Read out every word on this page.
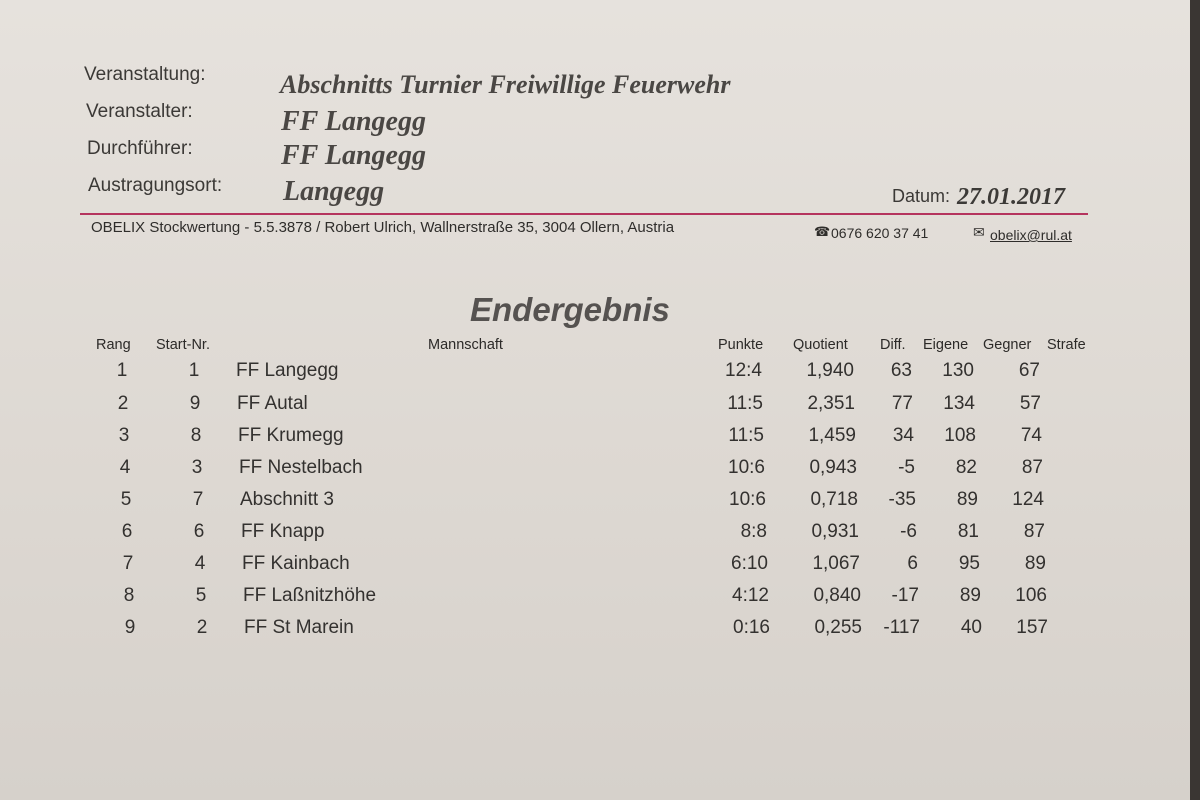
Veranstaltung:	Abschnitts Turnier Freiwillige Feuerwehr
Veranstalter:	FF Langegg
Durchführer:	FF Langegg
Austragungsort: Langegg	Datum: 27.01.2017
OBELIX Stockwertung - 5.5.3878 / Robert Ulrich, Wallnerstraße 35, 3004 Ollern, Austria	☎ 0676 620 37 41	✉ obelix@rul.at
Endergebnis
Rang Start-Nr.	Mannschaft	Punkte Quotient Diff. Eigene Gegner Strafe
1	1 FF Langegg	12:4	1,940	63	130	67
2	9 FF Autal	11:5	2,351	77	134	57
3	8 FF Krumegg	11:5	1,459	34	108	74
4	3 FF Nestelbach	10:6	0,943	-5	82	87
5	7 Abschnitt 3	10:6	0,718	-35	89	124
6	6 FF Knapp	8:8	0,931	-6	81	87
7	4 FF Kainbach	6:10	1,067	6	95	89
8	5 FF Laßnitzhöhe	4:12	0,840	-17	89	106
9	2 FF St Marein	0:16	0,255	-117	40	157
